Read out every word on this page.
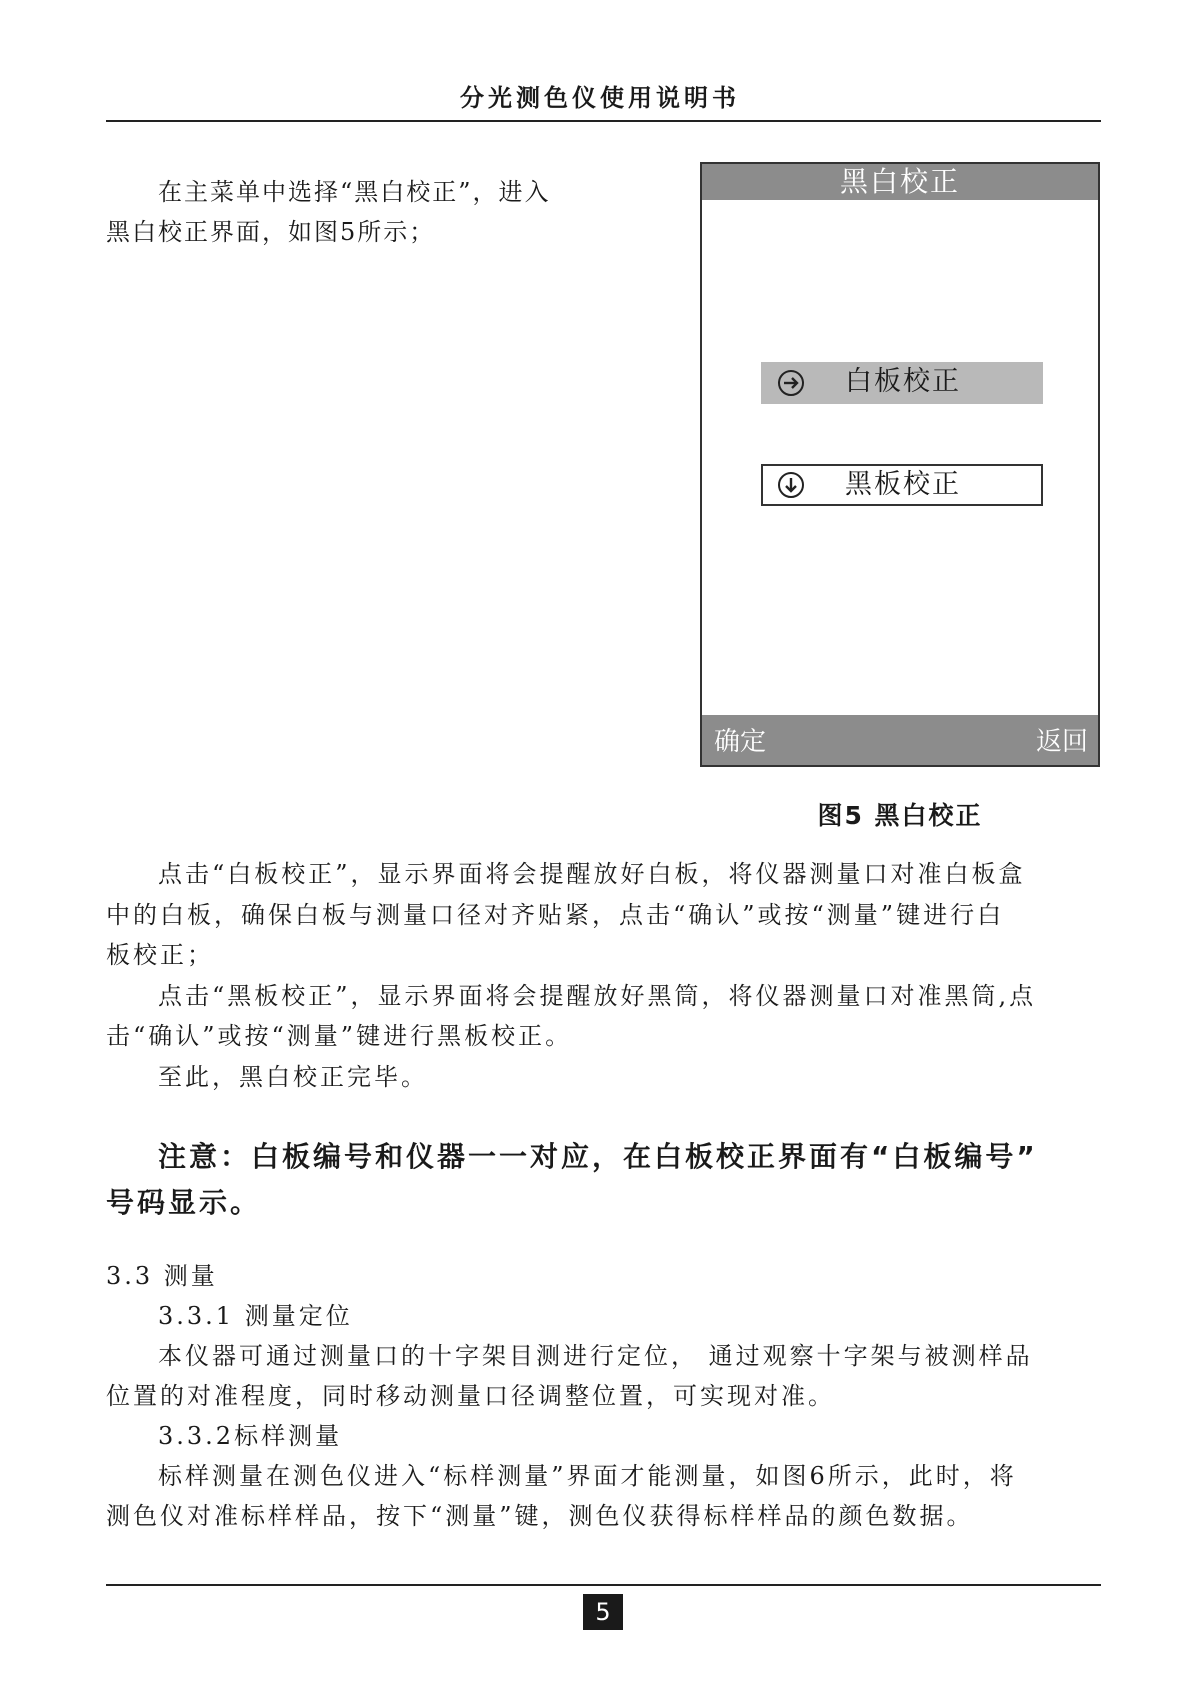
分光测色仪使用说明书
在主菜单中选择“黑白校正”，进入
黑白校正界面，如图5所示；
黑白校正
白板校正
黑板校正
确定	返回
图5 黑白校正

点击“白板校正”，显示界面将会提醒放好白板，将仪器测量口对准白板盒

中的白板，确保白板与测量口径对齐贴紧，点击“确认”或按“测量”键进行白

板校正；

点击“黑板校正”，显示界面将会提醒放好黑筒，将仪器测量口对准黑筒,点

击“确认”或按“测量”键进行黑板校正。

至此，黑白校正完毕。

注意：白板编号和仪器一一对应，在白板校正界面有“白板编号”
号码显示。

3.3 测量

3.3.1 测量定位

本仪器可通过测量口的十字架目测进行定位， 通过观察十字架与被测样品

位置的对准程度，同时移动测量口径调整位置，可实现对准。

3.3.2标样测量

标样测量在测色仪进入“标样测量”界面才能测量，如图6所示，此时，将

测色仪对准标样样品，按下“测量”键，测色仪获得标样样品的颜色数据。

5
